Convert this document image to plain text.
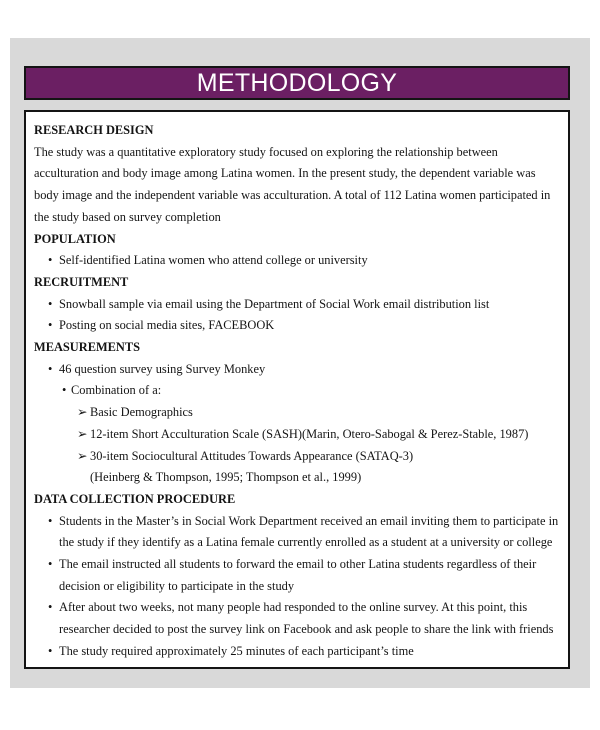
METHODOLOGY
RESEARCH DESIGN
The study was a quantitative exploratory study focused on exploring the relationship between acculturation and body image among Latina women. In the present study, the dependent variable was body image and the independent variable was acculturation. A total of 112 Latina women participated in the study based on survey completion
POPULATION
• Self-identified Latina women who attend college or university
RECRUITMENT
• Snowball sample via email using the Department of Social Work email distribution list
• Posting on social media sites, FACEBOOK
MEASUREMENTS
• 46 question survey using Survey Monkey
• Combination of a:
➢ Basic Demographics
➢ 12-item Short Acculturation Scale (SASH)(Marin, Otero-Sabogal & Perez-Stable, 1987)
➢ 30-item Sociocultural Attitudes Towards Appearance (SATAQ-3)
(Heinberg & Thompson, 1995; Thompson et al., 1999)
DATA COLLECTION PROCEDURE
• Students in the Master’s in Social Work Department received an email inviting them to participate in the study if they identify as a Latina female currently enrolled as a student at a university or college
• The email instructed all students to forward the email to other Latina students regardless of their decision or eligibility to participate in the study
• After about two weeks, not many people had responded to the online survey. At this point, this researcher decided to post the survey link on Facebook and ask people to share the link with friends
• The study required approximately 25 minutes of each participant’s time
